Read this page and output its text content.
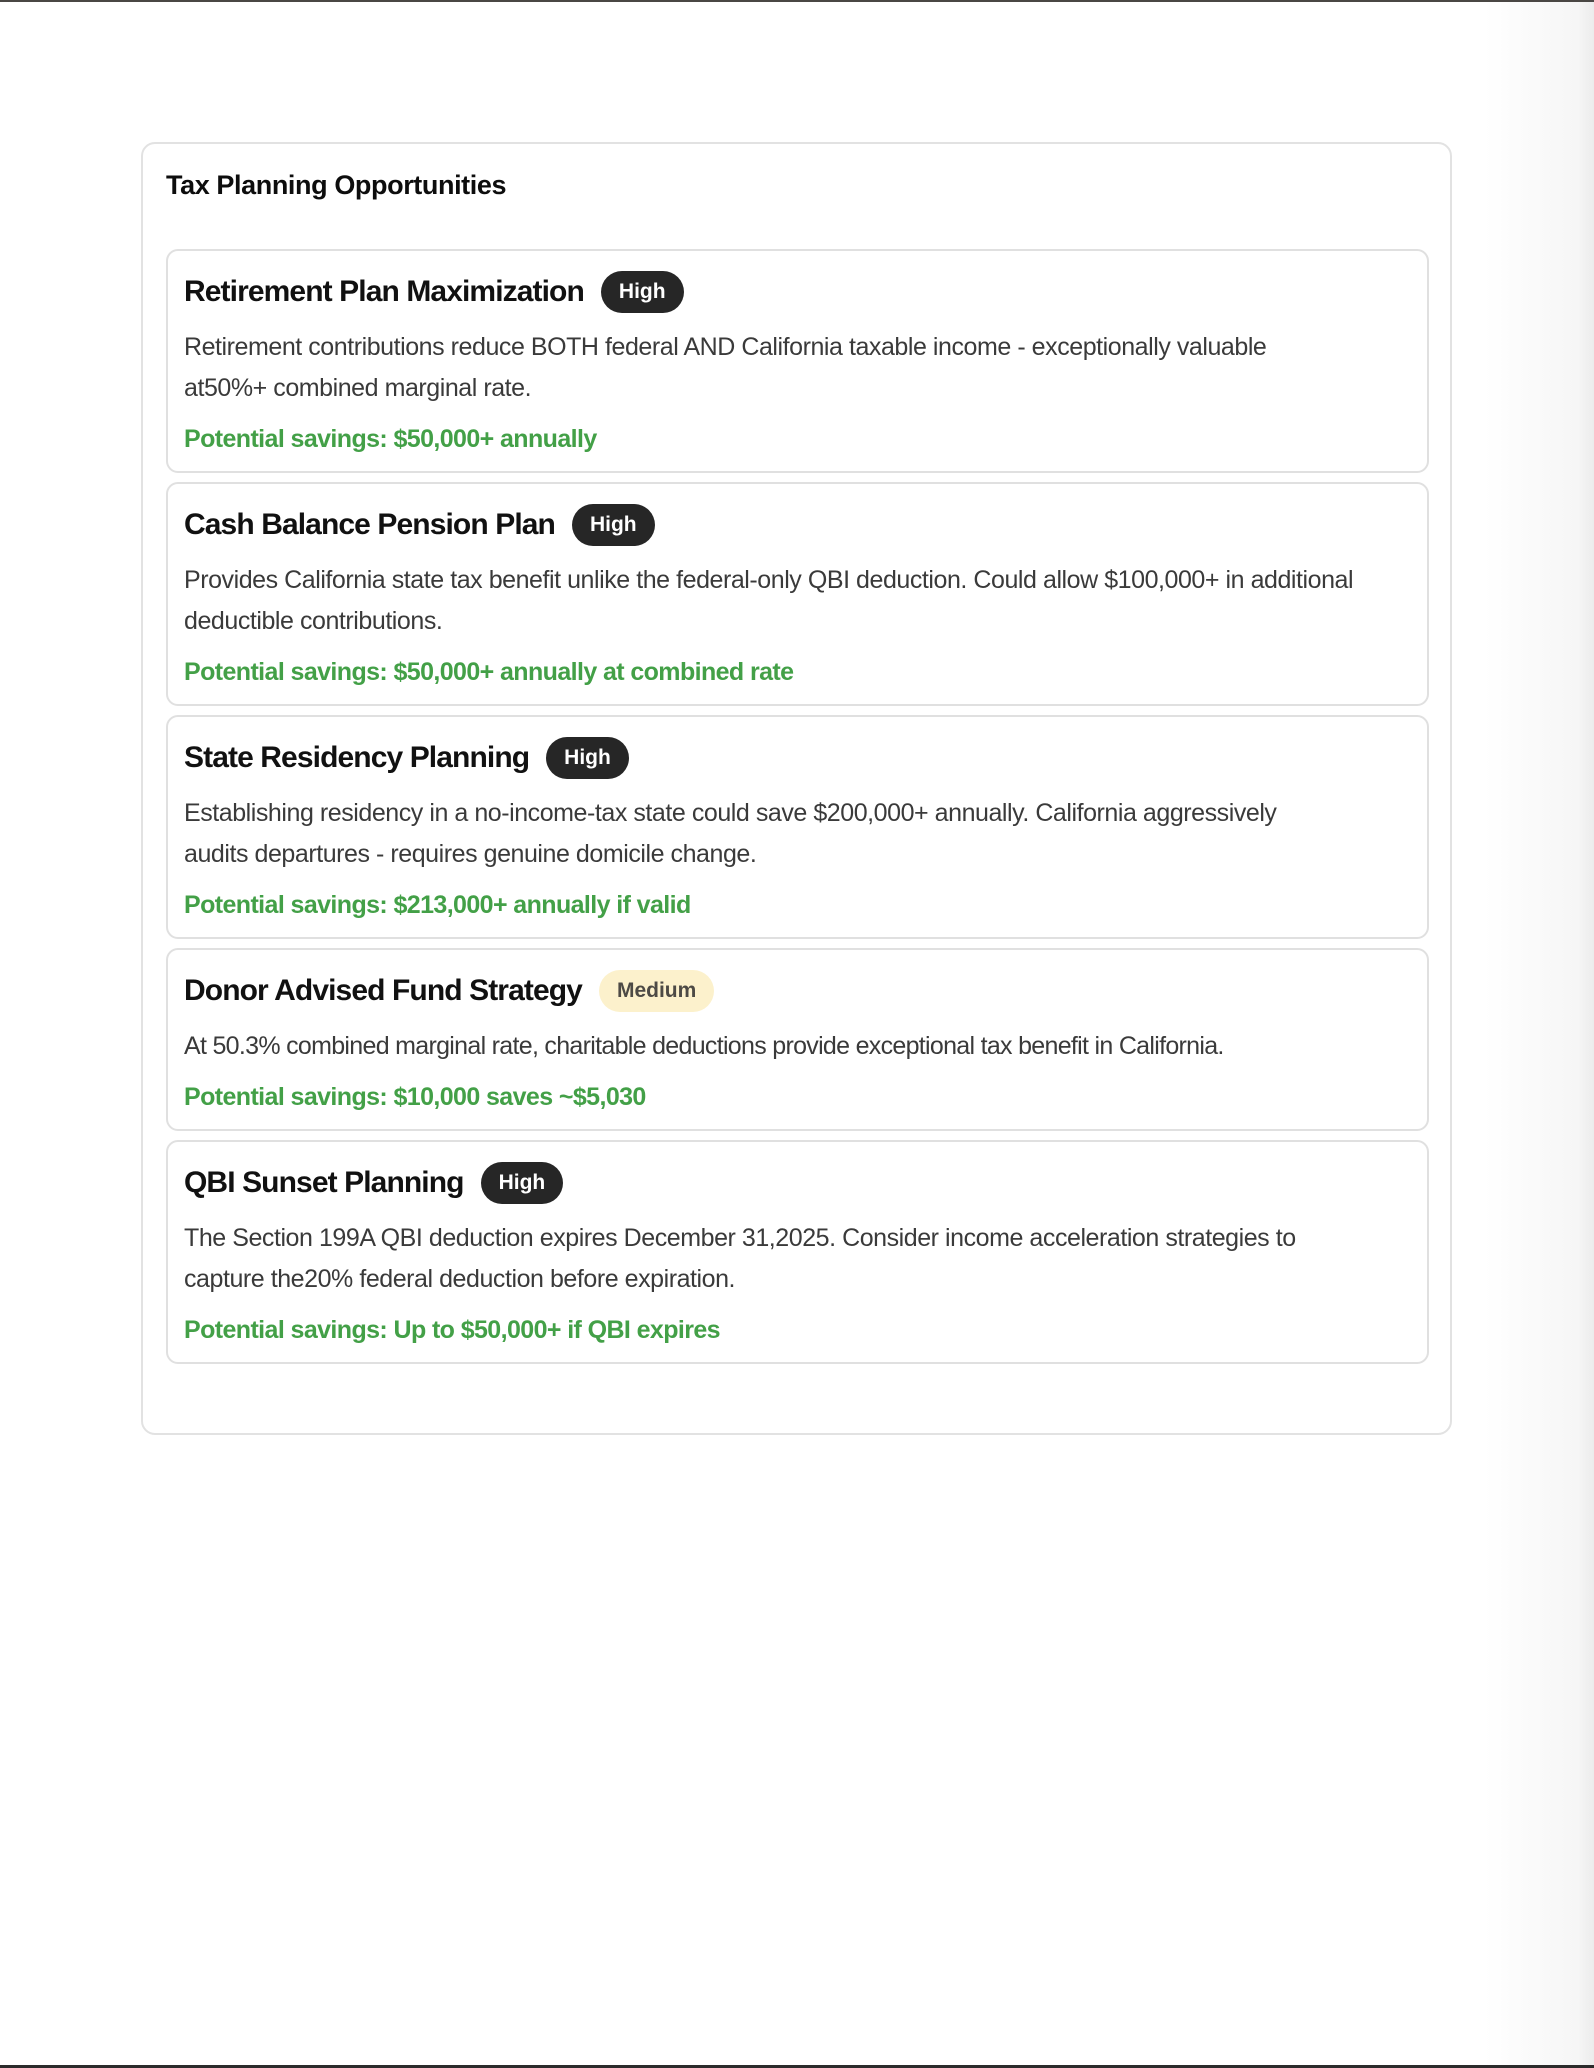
Tax Planning Opportunities
Retirement Plan Maximization	High

Retirement contributions reduce BOTH federal AND California taxable income - exceptionally valuable at50%+ combined marginal rate.

Potential savings: $50,000+ annually

Cash Balance Pension Plan	High

Provides California state tax benefit unlike the federal-only QBI deduction. Could allow $100,000+ in additional deductible contributions.

Potential savings: $50,000+ annually at combined rate

State Residency Planning	High

Establishing residency in a no-income-tax state could save $200,000+ annually. California aggressively audits departures - requires genuine domicile change.

Potential savings: $213,000+ annually if valid

Donor Advised Fund Strategy	Medium

At 50.3% combined marginal rate, charitable deductions provide exceptional tax benefit in California.

Potential savings: $10,000 saves ~$5,030

QBI Sunset Planning	High

The Section 199A QBI deduction expires December 31,2025. Consider income acceleration strategies to capture the20% federal deduction before expiration.

Potential savings: Up to $50,000+ if QBI expires
